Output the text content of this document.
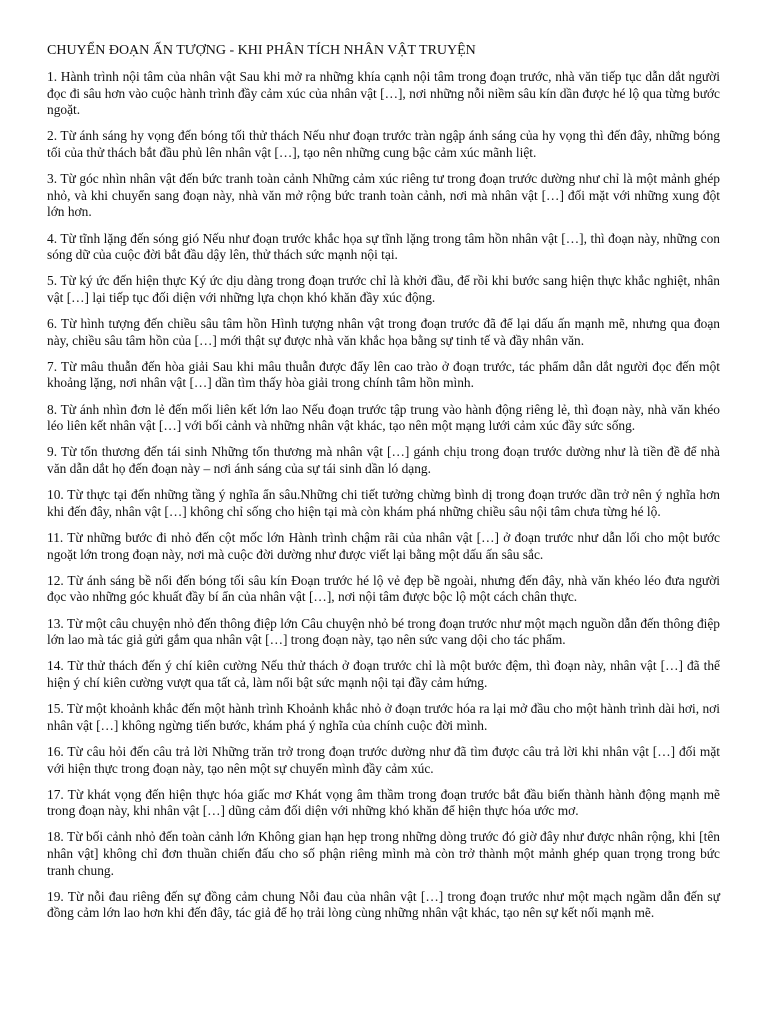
CHUYỂN ĐOẠN ẤN TƯỢNG - KHI PHÂN TÍCH NHÂN VẬT TRUYỆN
1. Hành trình nội tâm của nhân vật Sau khi mở ra những khía cạnh nội tâm trong đoạn trước, nhà văn tiếp tục dẫn dắt người đọc đi sâu hơn vào cuộc hành trình đầy cảm xúc của nhân vật […], nơi những nỗi niềm sâu kín dần được hé lộ qua từng bước ngoặt.
2. Từ ánh sáng hy vọng đến bóng tối thử thách Nếu như đoạn trước tràn ngập ánh sáng của hy vọng thì đến đây, những bóng tối của thử thách bắt đầu phủ lên nhân vật […], tạo nên những cung bậc cảm xúc mãnh liệt.
3. Từ góc nhìn nhân vật đến bức tranh toàn cảnh Những cảm xúc riêng tư trong đoạn trước dường như chỉ là một mảnh ghép nhỏ, và khi chuyển sang đoạn này, nhà văn mở rộng bức tranh toàn cảnh, nơi mà nhân vật […] đối mặt với những xung đột lớn hơn.
4. Từ tĩnh lặng đến sóng gió Nếu như đoạn trước khắc họa sự tĩnh lặng trong tâm hồn nhân vật […], thì đoạn này, những con sóng dữ của cuộc đời bắt đầu dậy lên, thử thách sức mạnh nội tại.
5. Từ ký ức đến hiện thực Ký ức dịu dàng trong đoạn trước chỉ là khởi đầu, để rồi khi bước sang hiện thực khắc nghiệt, nhân vật […] lại tiếp tục đối diện với những lựa chọn khó khăn đầy xúc động.
6. Từ hình tượng đến chiều sâu tâm hồn Hình tượng nhân vật trong đoạn trước đã để lại dấu ấn mạnh mẽ, nhưng qua đoạn này, chiều sâu tâm hồn của […] mới thật sự được nhà văn khắc họa bằng sự tinh tế và đầy nhân văn.
7. Từ mâu thuẫn đến hòa giải Sau khi mâu thuẫn được đẩy lên cao trào ở đoạn trước, tác phẩm dẫn dắt người đọc đến một khoảng lặng, nơi nhân vật […] dần tìm thấy hòa giải trong chính tâm hồn mình.
8. Từ ánh nhìn đơn lẻ đến mối liên kết lớn lao Nếu đoạn trước tập trung vào hành động riêng lẻ, thì đoạn này, nhà văn khéo léo liên kết nhân vật […] với bối cảnh và những nhân vật khác, tạo nên một mạng lưới cảm xúc đầy sức sống.
9. Từ tổn thương đến tái sinh Những tổn thương mà nhân vật […] gánh chịu trong đoạn trước dường như là tiền đề để nhà văn dẫn dắt họ đến đoạn này – nơi ánh sáng của sự tái sinh dần ló dạng.
10. Từ thực tại đến những tầng ý nghĩa ẩn sâu.Những chi tiết tưởng chừng bình dị trong đoạn trước dần trở nên ý nghĩa hơn khi đến đây, nhân vật […] không chỉ sống cho hiện tại mà còn khám phá những chiều sâu nội tâm chưa từng hé lộ.
11. Từ những bước đi nhỏ đến cột mốc lớn Hành trình chậm rãi của nhân vật […] ở đoạn trước như dẫn lối cho một bước ngoặt lớn trong đoạn này, nơi mà cuộc đời dường như được viết lại bằng một dấu ấn sâu sắc.
12. Từ ánh sáng bề nổi đến bóng tối sâu kín Đoạn trước hé lộ vẻ đẹp bề ngoài, nhưng đến đây, nhà văn khéo léo đưa người đọc vào những góc khuất đầy bí ẩn của nhân vật […], nơi nội tâm được bộc lộ một cách chân thực.
13. Từ một câu chuyện nhỏ đến thông điệp lớn Câu chuyện nhỏ bé trong đoạn trước như một mạch nguồn dẫn đến thông điệp lớn lao mà tác giả gửi gắm qua nhân vật […] trong đoạn này, tạo nên sức vang dội cho tác phẩm.
14. Từ thử thách đến ý chí kiên cường Nếu thử thách ở đoạn trước chỉ là một bước đệm, thì đoạn này, nhân vật […] đã thể hiện ý chí kiên cường vượt qua tất cả, làm nổi bật sức mạnh nội tại đầy cảm hứng.
15. Từ một khoảnh khắc đến một hành trình Khoảnh khắc nhỏ ở đoạn trước hóa ra lại mở đầu cho một hành trình dài hơi, nơi nhân vật […] không ngừng tiến bước, khám phá ý nghĩa của chính cuộc đời mình.
16. Từ câu hỏi đến câu trả lời Những trăn trở trong đoạn trước dường như đã tìm được câu trả lời khi nhân vật […] đối mặt với hiện thực trong đoạn này, tạo nên một sự chuyển mình đầy cảm xúc.
17. Từ khát vọng đến hiện thực hóa giấc mơ Khát vọng âm thầm trong đoạn trước bắt đầu biến thành hành động mạnh mẽ trong đoạn này, khi nhân vật […] dũng cảm đối diện với những khó khăn để hiện thực hóa ước mơ.
18. Từ bối cảnh nhỏ đến toàn cảnh lớn Không gian hạn hẹp trong những dòng trước đó giờ đây như được nhân rộng, khi [tên nhân vật] không chỉ đơn thuần chiến đấu cho số phận riêng mình mà còn trở thành một mảnh ghép quan trọng trong bức tranh chung.
19. Từ nỗi đau riêng đến sự đồng cảm chung Nỗi đau của nhân vật […] trong đoạn trước như một mạch ngầm dẫn đến sự đồng cảm lớn lao hơn khi đến đây, tác giả để họ trải lòng cùng những nhân vật khác, tạo nên sự kết nối mạnh mẽ.
